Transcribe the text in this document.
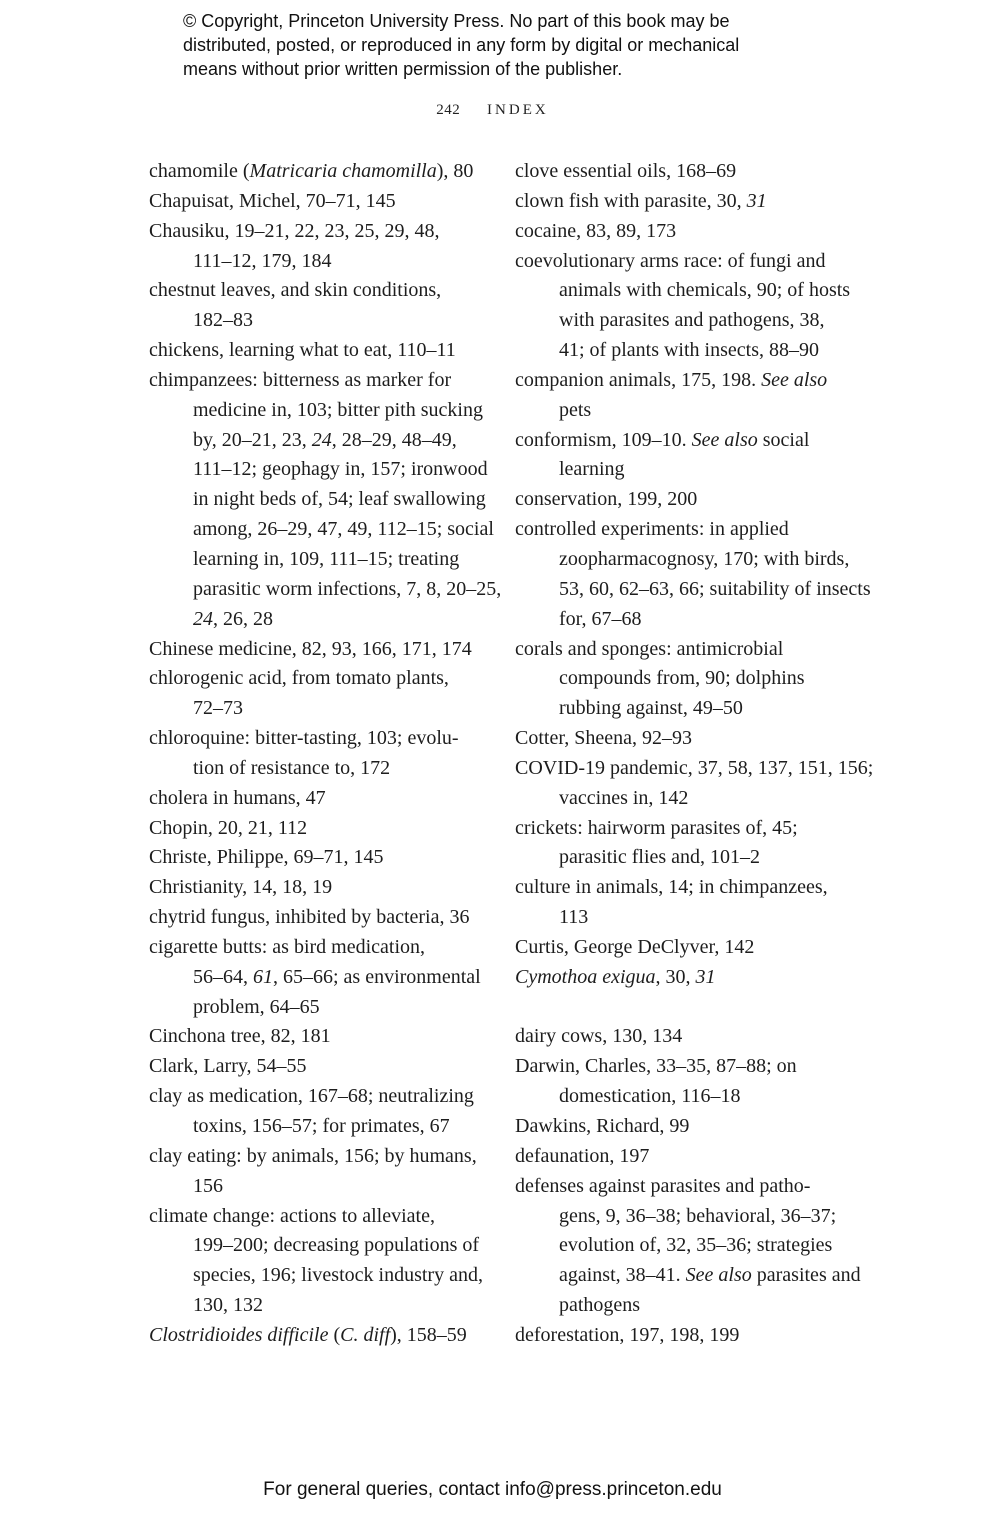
© Copyright, Princeton University Press. No part of this book may be
distributed, posted, or reproduced in any form by digital or mechanical
means without prior written permission of the publisher.
242 INDEX
chamomile (Matricaria chamomilla), 80
Chapuisat, Michel, 70–71, 145
Chausiku, 19–21, 22, 23, 25, 29, 48,
111–12, 179, 184
chestnut leaves, and skin conditions,
182–83
chickens, learning what to eat, 110–11
chimpanzees: bitterness as marker for
medicine in, 103; bitter pith sucking
by, 20–21, 23, 24, 28–29, 48–49,
111–12; geophagy in, 157; ironwood
in night beds of, 54; leaf swallowing
among, 26–29, 47, 49, 112–15; social
learning in, 109, 111–15; treating
parasitic worm infections, 7, 8, 20–25,
24, 26, 28
Chinese medicine, 82, 93, 166, 171, 174
chlorogenic acid, from tomato plants,
72–73
chloroquine: bitter-tasting, 103; evolu-
tion of resistance to, 172
cholera in humans, 47
Chopin, 20, 21, 112
Christe, Philippe, 69–71, 145
Christianity, 14, 18, 19
chytrid fungus, inhibited by bacteria, 36
cigarette butts: as bird medication,
56–64, 61, 65–66; as environmental
problem, 64–65
Cinchona tree, 82, 181
Clark, Larry, 54–55
clay as medication, 167–68; neutralizing
toxins, 156–57; for primates, 67
clay eating: by animals, 156; by humans,
156
climate change: actions to alleviate,
199–200; decreasing populations of
species, 196; livestock industry and,
130, 132
Clostridioides difficile (C. diff), 158–59
clove essential oils, 168–69
clown fish with parasite, 30, 31
cocaine, 83, 89, 173
coevolutionary arms race: of fungi and
animals with chemicals, 90; of hosts
with parasites and pathogens, 38,
41; of plants with insects, 88–90
companion animals, 175, 198. See also
pets
conformism, 109–10. See also social
learning
conservation, 199, 200
controlled experiments: in applied
zoopharmacognosy, 170; with birds,
53, 60, 62–63, 66; suitability of insects
for, 67–68
corals and sponges: antimicrobial
compounds from, 90; dolphins
rubbing against, 49–50
Cotter, Sheena, 92–93
COVID-19 pandemic, 37, 58, 137, 151, 156;
vaccines in, 142
crickets: hairworm parasites of, 45;
parasitic flies and, 101–2
culture in animals, 14; in chimpanzees,
113
Curtis, George DeClyver, 142
Cymothoa exigua, 30, 31
dairy cows, 130, 134
Darwin, Charles, 33–35, 87–88; on
domestication, 116–18
Dawkins, Richard, 99
defaunation, 197
defenses against parasites and patho-
gens, 9, 36–38; behavioral, 36–37;
evolution of, 32, 35–36; strategies
against, 38–41. See also parasites and
pathogens
deforestation, 197, 198, 199
For general queries, contact info@press.princeton.edu
